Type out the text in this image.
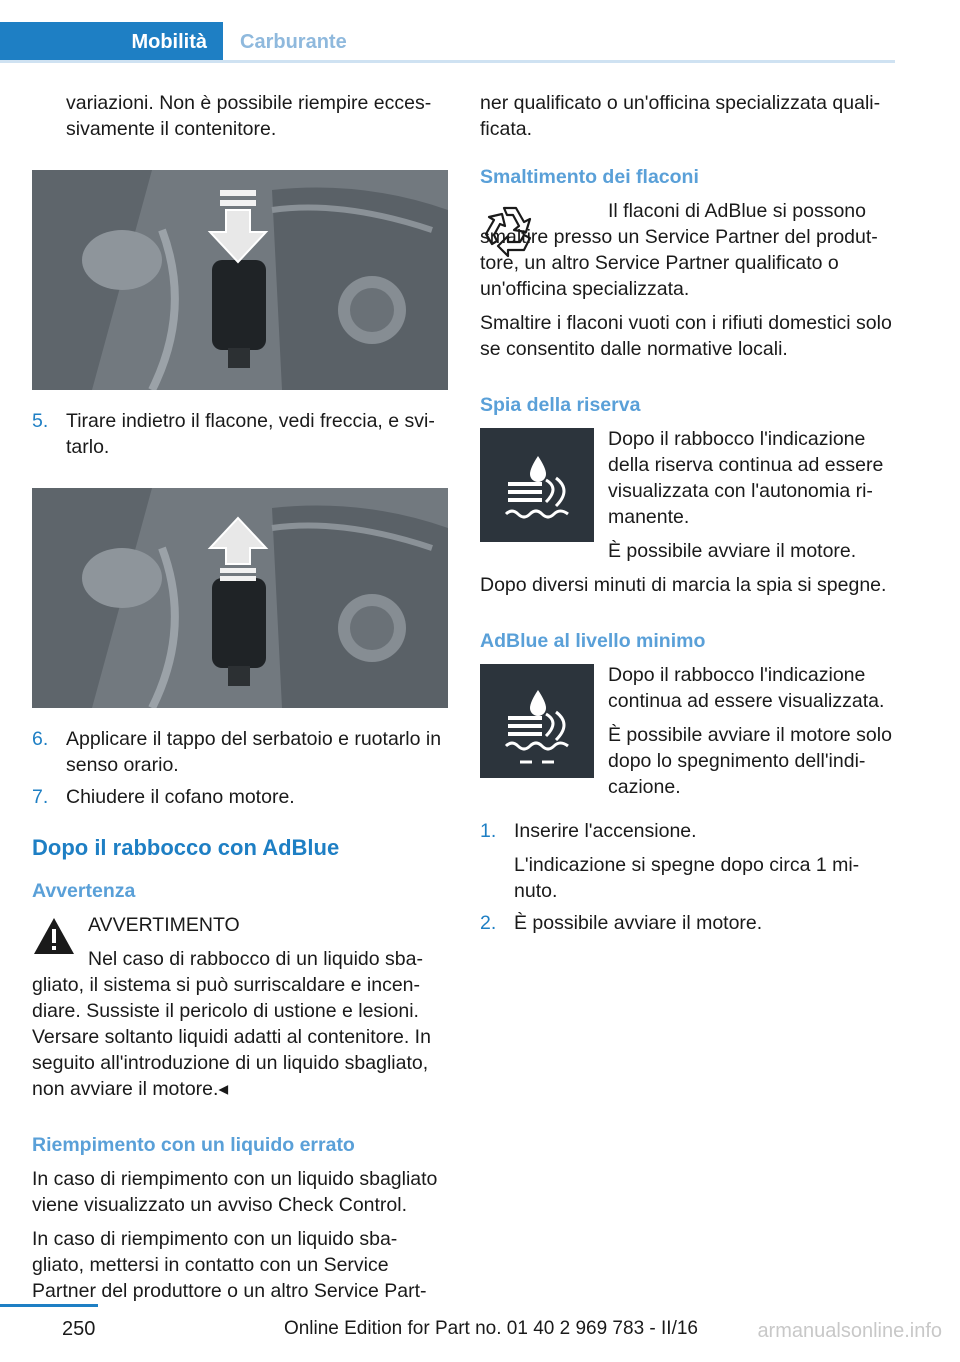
Mobilità	Carburante

variazioni. Non è possibile riempire ecces-sivamente il contenitore.

5. Tirare indietro il flacone, vedi freccia, e svi-tarlo.
6. Applicare il tappo del serbatoio e ruotarlo in senso orario.
7. Chiudere il cofano motore.
Dopo il rabbocco con AdBlue
Avvertenza

AVVERTIMENTO

Nel caso di rabbocco di un liquido sba-gliato, il sistema si può surriscaldare e incen-diare. Sussiste il pericolo di ustione e lesioni. Versare soltanto liquidi adatti al contenitore. In seguito all'introduzione di un liquido sbagliato, non avviare il motore.◂

Riempimento con un liquido errato

In caso di riempimento con un liquido sbagliato viene visualizzato un avviso Check Control.

In caso di riempimento con un liquido sba-gliato, mettersi in contatto con un Service Partner del produttore o un altro Service Part-

ner qualificato o un'officina specializzata quali-ficata.

Smaltimento dei flaconi

Il flaconi di AdBlue si possono smaltire presso un Service Partner del produt-tore, un altro Service Partner qualificato o un'officina specializzata.

Smaltire i flaconi vuoti con i rifiuti domestici solo se consentito dalle normative locali.

Spia della riserva

Dopo il rabbocco l'indicazione della riserva continua ad essere visualizzata con l'autonomia ri-manente.

È possibile avviare il motore.

Dopo diversi minuti di marcia la spia si spegne.

AdBlue al livello minimo

Dopo il rabbocco l'indicazione continua ad essere visualizzata.

È possibile avviare il motore solo dopo lo spegnimento dell'indi-cazione.

1. Inserire l'accensione.

L'indicazione si spegne dopo circa 1 mi-nuto.

2. È possibile avviare il motore.
250	Online Edition for Part no. 01 40 2 969 783 - II/16	armanualsonline.info
